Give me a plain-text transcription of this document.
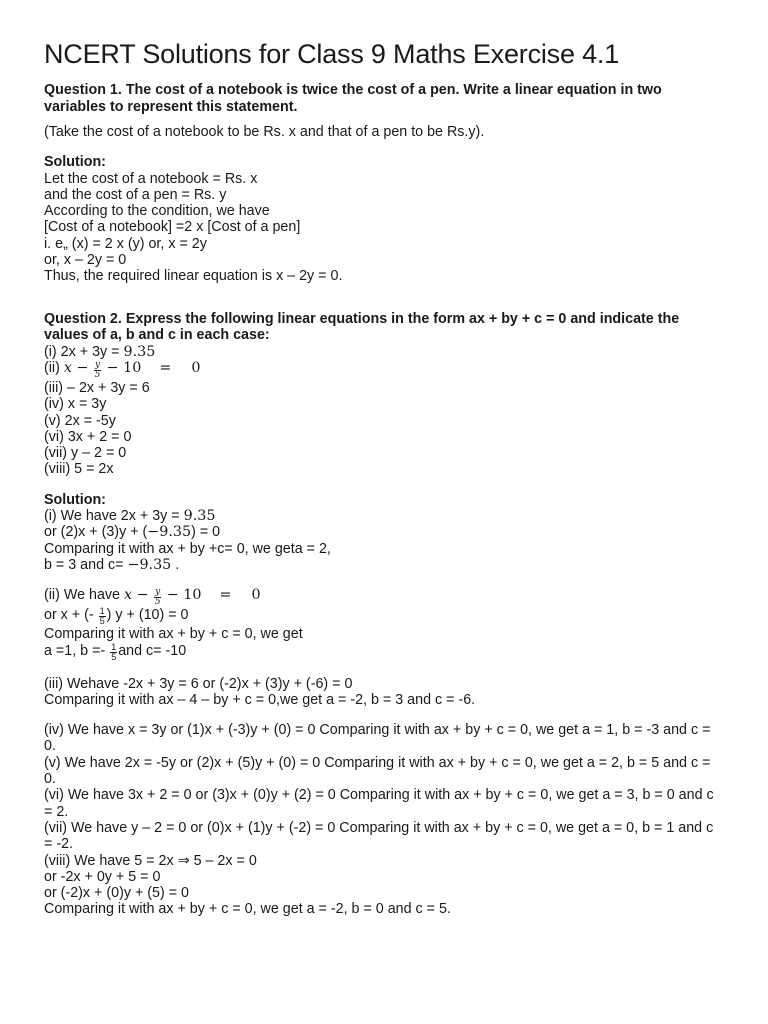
NCERT Solutions for Class 9 Maths Exercise 4.1

Question 1. The cost of a notebook is twice the cost of a pen. Write a linear equation in two variables to represent this statement.

(Take the cost of a notebook to be Rs. x and that of a pen to be Rs.y).

Solution:

Let the cost of a notebook = Rs. x

and the cost of a pen = Rs. y

According to the condition, we have

[Cost of a notebook] =2 x [Cost of a pen]

i. e„ (x) = 2 x (y) or, x = 2y

or, x – 2y = 0

Thus, the required linear equation is x – 2y = 0.

Question 2. Express the following linear equations in the form ax + by + c = 0 and indicate the values of a, b and c in each case:

(i) 2x + 3y = 9.35

(ii) $x - \frac{y}{5} - 10 = 0$

(iii) – 2x + 3y = 6

(iv) x = 3y

(v) 2x = -5y

(vi) 3x + 2 = 0

(vii) y – 2 = 0

(viii) 5 = 2x

Solution:

(i) We have 2x + 3y = 9.35

or (2)x + (3)y + (−9.35) = 0

Comparing it with ax + by +c= 0, we geta = 2,

b = 3 and c= −9.35 .

(ii) We have $x - \frac{y}{5} - 10 = 0$

or x + (- $\frac{1}{5}$ ) y + (10) = 0

Comparing it with ax + by + c = 0, we get

a =1, $b =- \frac{1}{5}$ and c= -10

(iii) Wehave -2x + 3y = 6 or (-2)x + (3)y + (-6) = 0

Comparing it with ax – 4 – by + c = 0,we get a = -2, b = 3 and c = -6.

(iv) We have x = 3y or (1)x + (-3)y + (0) = 0 Comparing it with ax + by + c = 0, we get a = 1, b = -3 and c = 0.

(v) We have 2x = -5y or (2)x + (5)y + (0) = 0 Comparing it with ax + by + c = 0, we get a = 2, b = 5 and c = 0.

(vi) We have 3x + 2 = 0 or (3)x + (0)y + (2) = 0 Comparing it with ax + by + c = 0, we get a = 3, b = 0 and c = 2.

(vii) We have y – 2 = 0 or (0)x + (1)y + (-2) = 0 Comparing it with ax + by + c = 0, we get a = 0, b = 1 and c = -2.

(viii) We have 5 = 2x ⇒ 5 – 2x = 0

or -2x + 0y + 5 = 0

or (-2)x + (0)y + (5) = 0

Comparing it with ax + by + c = 0, we get a = -2, b = 0 and c = 5.
